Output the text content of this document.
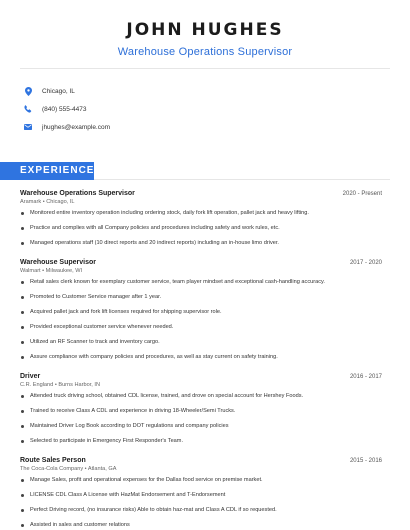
JOHN HUGHES
Warehouse Operations Supervisor
Chicago, IL
(840) 555-4473
jhughes@example.com
EXPERIENCE
Warehouse Operations Supervisor	2020 - Present
Aramark • Chicago, IL
Monitored entire inventory operation including ordering stock, daily fork lift operation, pallet jack and heavy lifting.
Practice and complies with all Company policies and procedures including safety and work rules, etc.
Managed operations staff (10 direct reports and 20 indirect reports) including an in-house limo driver.
Warehouse Supervisor	2017 - 2020
Walmart • Milwaukee, WI
Retail sales clerk known for exemplary customer service, team player mindset and exceptional cash-handling accuracy.
Promoted to Customer Service manager after 1 year.
Acquired pallet jack and fork lift licenses required for shipping supervisor role.
Provided exceptional customer service whenever needed.
Utilized an RF Scanner to track and inventory cargo.
Assure compliance with company policies and procedures, as well as stay current on safety training.
Driver	2016 - 2017
C.R. England • Burns Harbor, IN
Attended truck driving school, obtained CDL license, trained, and drove on special account for Hershey Foods.
Trained to receive Class A CDL and experience in driving 18-Wheeler/Semi Trucks.
Maintained Driver Log Book according to DOT regulations and company policies
Selected to participate in Emergency First Responder's Team.
Route Sales Person	2015 - 2016
The Coca-Cola Company • Atlanta, GA
Manage Sales, profit and operational expenses for the Dallas food service on premise market.
LICENSE CDL Class A License with HazMat Endorsement and T-Endorsement
Perfect Driving record, (no insurance risks) Able to obtain haz-mat and Class A CDL if so requested.
Assisted in sales and customer relations
